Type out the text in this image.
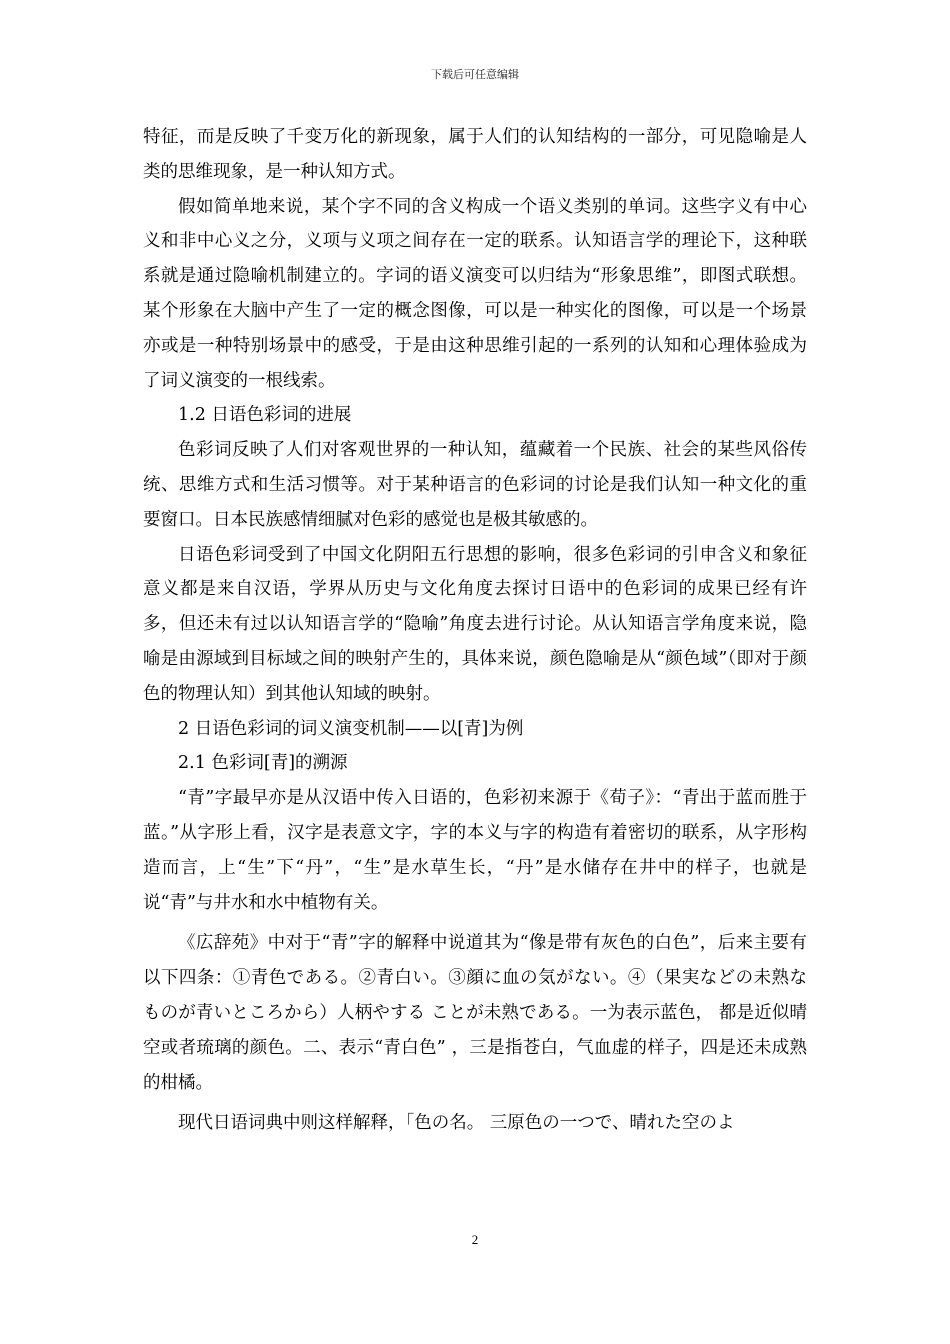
下载后可任意编辑

特征，而是反映了千变万化的新现象，属于人们的认知结构的一部分，可见隐喻是人类的思维现象，是一种认知方式。

假如简单地来说，某个字不同的含义构成一个语义类别的单词。这些字义有中心义和非中心义之分，义项与义项之间存在一定的联系。认知语言学的理论下，这种联系就是通过隐喻机制建立的。字词的语义演变可以归结为“形象思维”，即图式联想。某个形象在大脑中产生了一定的概念图像，可以是一种实化的图像，可以是一个场景亦或是一种特别场景中的感受，于是由这种思维引起的一系列的认知和心理体验成为了词义演变的一根线索。

1.2 日语色彩词的进展

色彩词反映了人们对客观世界的一种认知，蕴藏着一个民族、社会的某些风俗传统、思维方式和生活习惯等。对于某种语言的色彩词的讨论是我们认知一种文化的重要窗口。日本民族感情细腻对色彩的感觉也是极其敏感的。

日语色彩词受到了中国文化阴阳五行思想的影响，很多色彩词的引申含义和象征意义都是来自汉语，学界从历史与文化角度去探讨日语中的色彩词的成果已经有许多，但还未有过以认知语言学的“隐喻”角度去进行讨论。从认知语言学角度来说，隐喻是由源域到目标域之间的映射产生的，具体来说，颜色隐喻是从“颜色域”（即对于颜色的物理认知）到其他认知域的映射。

2 日语色彩词的词义演变机制——以[青]为例

2.1 色彩词[青]的溯源

“青”字最早亦是从汉语中传入日语的，色彩初来源于《荀子》：“青出于蓝而胜于蓝。”从字形上看，汉字是表意文字，字的本义与字的构造有着密切的联系，从字形构造而言，上“生”下“丹”，“生”是水草生长，“丹”是水储存在井中的样子，也就是说“青”与井水和水中植物有关。

《広辞苑》中对于“青”字的解释中说道其为“像是带有灰色的白色”，后来主要有以下四条：①青色である。②青白い。③顔に血の気がない。④（果実などの未熟なものが青いところから）人柄やする ことが未熟である。一为表示蓝色， 都是近似晴空或者琉璃的颜色。二、表示“青白色” ，三是指苍白，气血虚的样子，四是还未成熟的柑橘。

现代日语词典中则这样解释，「色の名。 三原色の一つで、晴れた空のよ

2
